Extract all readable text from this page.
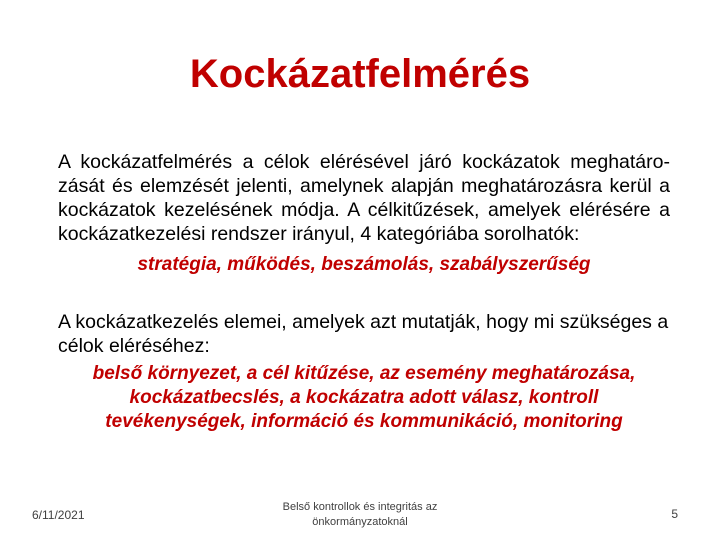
Kockázatfelmérés

A kockázatfelmérés a célok elérésével járó kockázatok meghatáro-zását és elemzését jelenti, amelynek alapján meghatározásra kerül a kockázatok kezelésének módja. A célkitűzések, amelyek elérésére a kockázatkezelési rendszer irányul, 4 kategóriába sorolhatók:

stratégia, működés, beszámolás, szabályszerűség

A kockázatkezelés elemei, amelyek azt mutatják, hogy mi szükséges a célok eléréséhez:

belső környezet, a cél kitűzése, az esemény meghatározása, kockázatbecslés, a kockázatra adott válasz, kontroll tevékenységek, információ és kommunikáció, monitoring
6/11/2021
Belső kontrollok és integritás az önkormányzatoknál
5
